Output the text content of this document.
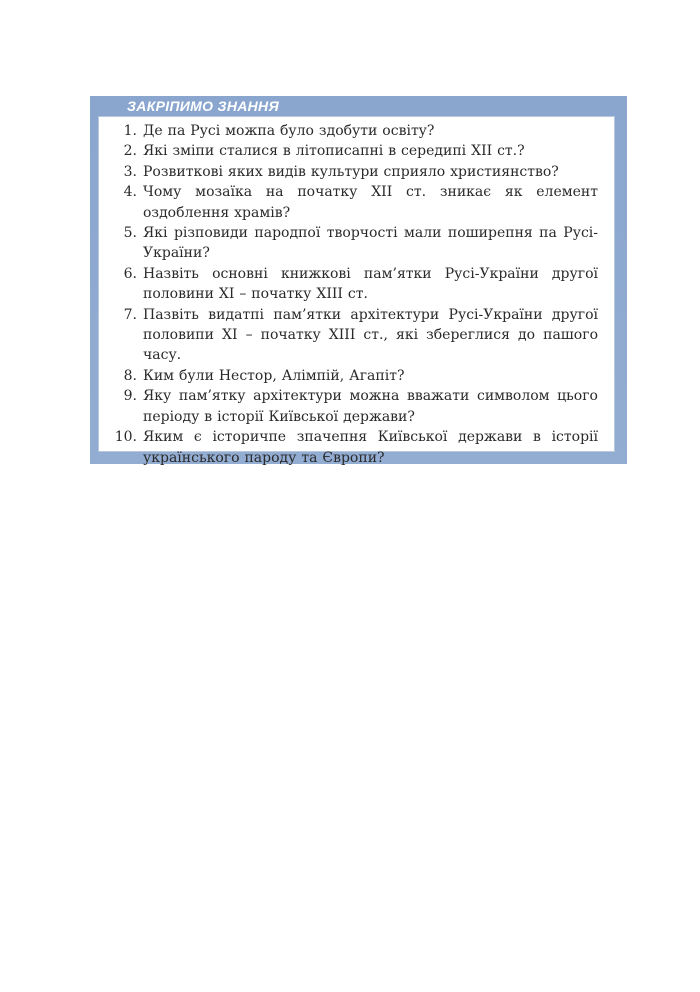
ЗАКРІПИМО ЗНАННЯ
1. Де па Русі можпа було здобути освіту?
2. Які зміпи сталися в літописапні в середипі XII ст.?
3. Розвиткові яких видів культури сприяло християнство?
4. Чому мозаїка на початку XII ст. зникає як елемент оздоблення храмів?
5. Які різповиди пародпої творчості мали поширепня па Русі-України?
6. Назвіть основні книжкові пам’ятки Русі-України другої половини XI – початку XIII ст.
7. Пазвіть видатпі пам’ятки архітектури Русі-України другої половипи XI – початку XIII ст., які збереглися до пашого часу.
8. Ким були Нестор, Алімпій, Агапіт?
9. Яку пам’ятку архітектури можна вважати символом цього періоду в історії Київської держави?
10. Яким є історичпе зпачепня Київської держави в історії українського пароду та Європи?
